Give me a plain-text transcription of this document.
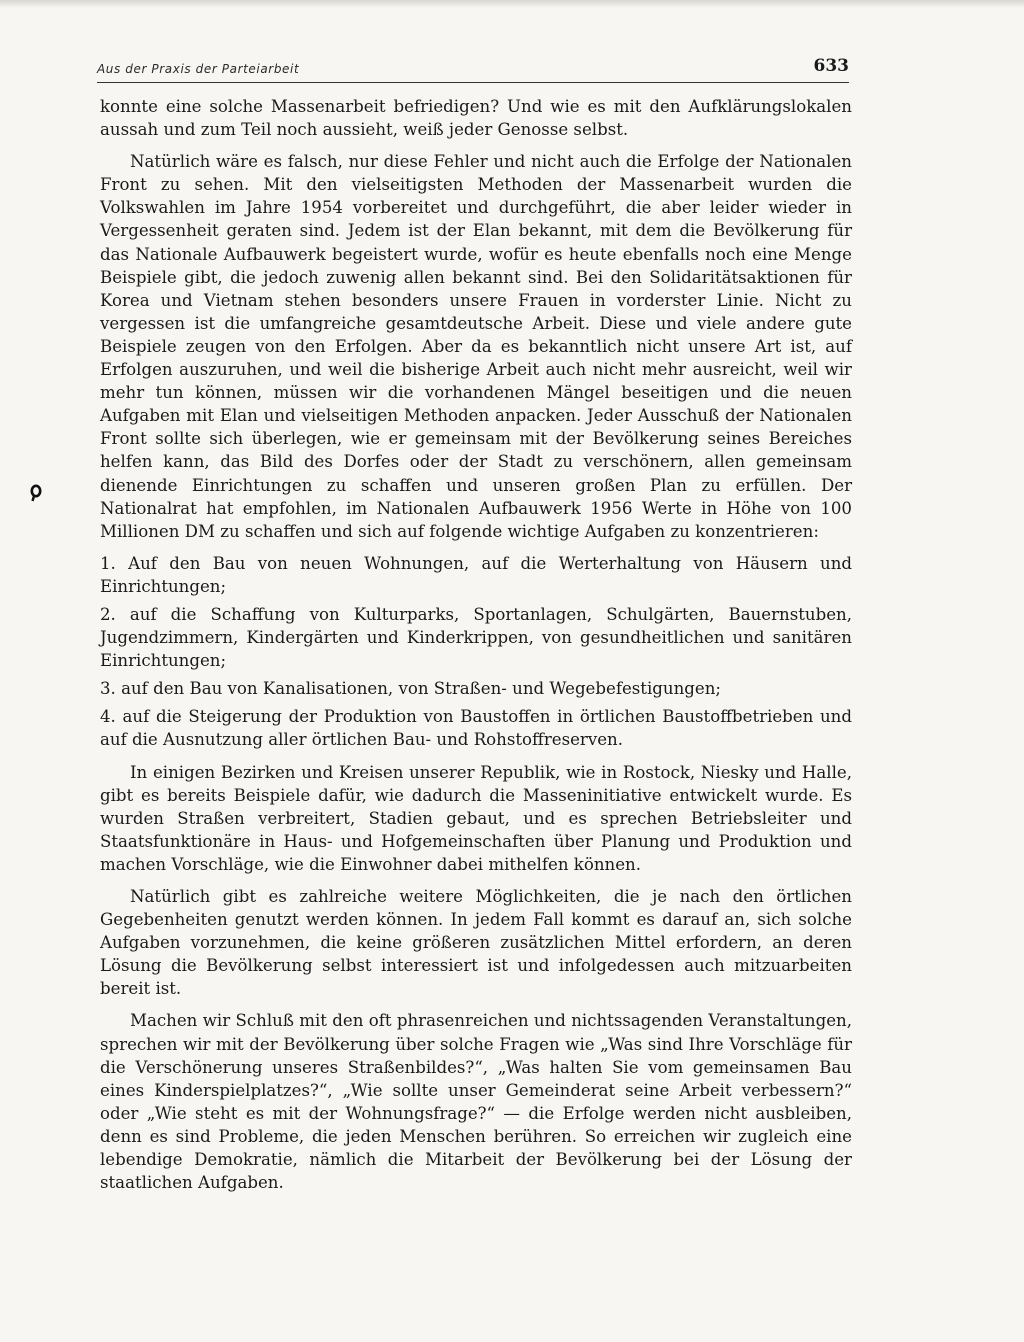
Aus der Praxis der Parteiarbeit	633

konnte eine solche Massenarbeit befriedigen? Und wie es mit den Aufklärungslokalen aussah und zum Teil noch aussieht, weiß jeder Genosse selbst.

Natürlich wäre es falsch, nur diese Fehler und nicht auch die Erfolge der Nationalen Front zu sehen. Mit den vielseitigsten Methoden der Massenarbeit wurden die Volkswahlen im Jahre 1954 vorbereitet und durchgeführt, die aber leider wieder in Vergessenheit geraten sind. Jedem ist der Elan bekannt, mit dem die Bevölkerung für das Nationale Aufbauwerk begeistert wurde, wofür es heute ebenfalls noch eine Menge Beispiele gibt, die jedoch zuwenig allen bekannt sind. Bei den Solidaritätsaktionen für Korea und Vietnam stehen besonders unsere Frauen in vorderster Linie. Nicht zu vergessen ist die umfangreiche gesamtdeutsche Arbeit. Diese und viele andere gute Beispiele zeugen von den Erfolgen. Aber da es bekanntlich nicht unsere Art ist, auf Erfolgen auszuruhen, und weil die bisherige Arbeit auch nicht mehr ausreicht, weil wir mehr tun können, müssen wir die vorhandenen Mängel beseitigen und die neuen Aufgaben mit Elan und vielseitigen Methoden anpacken. Jeder Ausschuß der Nationalen Front sollte sich überlegen, wie er gemeinsam mit der Bevölkerung seines Bereiches helfen kann, das Bild des Dorfes oder der Stadt zu verschönern, allen gemeinsam dienende Einrichtungen zu schaffen und unseren großen Plan zu erfüllen. Der Nationalrat hat empfohlen, im Nationalen Aufbauwerk 1956 Werte in Höhe von 100 Millionen DM zu schaffen und sich auf folgende wichtige Aufgaben zu konzentrieren:

1. Auf den Bau von neuen Wohnungen, auf die Werterhaltung von Häusern und Einrichtungen;

2. auf die Schaffung von Kulturparks, Sportanlagen, Schulgärten, Bauernstuben, Jugendzimmern, Kindergärten und Kinderkrippen, von gesundheitlichen und sanitären Einrichtungen;

3. auf den Bau von Kanalisationen, von Straßen- und Wegebefestigungen;

4. auf die Steigerung der Produktion von Baustoffen in örtlichen Baustoffbetrieben und auf die Ausnutzung aller örtlichen Bau- und Rohstoffreserven.

In einigen Bezirken und Kreisen unserer Republik, wie in Rostock, Niesky und Halle, gibt es bereits Beispiele dafür, wie dadurch die Masseninitiative entwickelt wurde. Es wurden Straßen verbreitert, Stadien gebaut, und es sprechen Betriebsleiter und Staatsfunktionäre in Haus- und Hofgemeinschaften über Planung und Produktion und machen Vorschläge, wie die Einwohner dabei mithelfen können.

Natürlich gibt es zahlreiche weitere Möglichkeiten, die je nach den örtlichen Gegebenheiten genutzt werden können. In jedem Fall kommt es darauf an, sich solche Aufgaben vorzunehmen, die keine größeren zusätzlichen Mittel erfordern, an deren Lösung die Bevölkerung selbst interessiert ist und infolgedessen auch mitzuarbeiten bereit ist.

Machen wir Schluß mit den oft phrasenreichen und nichtssagenden Veranstaltungen, sprechen wir mit der Bevölkerung über solche Fragen wie „Was sind Ihre Vorschläge für die Verschönerung unseres Straßenbildes?“, „Was halten Sie vom gemeinsamen Bau eines Kinderspielplatzes?“, „Wie sollte unser Gemeinderat seine Arbeit verbessern?“ oder „Wie steht es mit der Wohnungsfrage?“ — die Erfolge werden nicht ausbleiben, denn es sind Probleme, die jeden Menschen berühren. So erreichen wir zugleich eine lebendige Demokratie, nämlich die Mitarbeit der Bevölkerung bei der Lösung der staatlichen Aufgaben.
